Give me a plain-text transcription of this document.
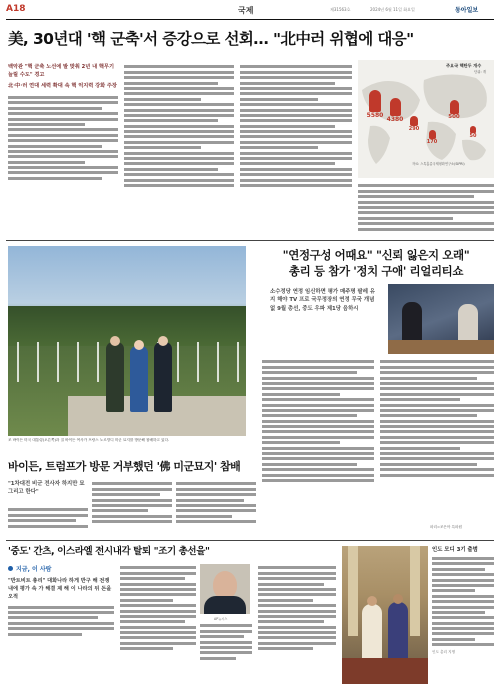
A18	국제	제31563호	2024년 6월 11일 화요일	동아일보
美, 30년대 '핵 군축'서 증강으로 선회… "北中러 위협에 대응"
백악관 "핵 군축 노선에 발 맞춰 2년 내 핵무기 늘릴 수도" 경고
北·中·러 연대 세력 확대 속 핵 억지력 강화 주장
주요국 핵탄두 개수
단위: 개
5580
4380	500
290
170
50
자료: 스톡홀름국제평화연구소(SIPRI)
조 바이든 미국 대통령(오른쪽)과 질 바이든 여사가 프랑스 노르망디 미군 묘지를 방문해 참배하고 있다.
"연정구성 어때요" "신뢰 잃은지 오래"
총리 등 참가 '정치 구애' 리얼리티쇼
소수정당 연정 임신하면 평가 매주명 팔레 유지 해야 TV 프로 국무정장의 연정 무국 개념 없 9월 총선, 중도 우파 제1당 음하시
파리=조은아 특파원
바이든, 트럼프가 방문 거부했던 '佛 미군묘지' 참배
"1차대전 비군 전사자 하지만 묘 그리고 한다"
'중도' 간츠, 이스라엘 전시내각 탈퇴 "조기 총선을"
지금, 이 사람
"반트비트 총리" 대화나라 하게 반구 해 전쟁내에 평가 속 가 해결 제 해 이 나라의 뒤 돈을 오적
AP뉴시스
인도 모디 3기 출범
인도 총리 지명
